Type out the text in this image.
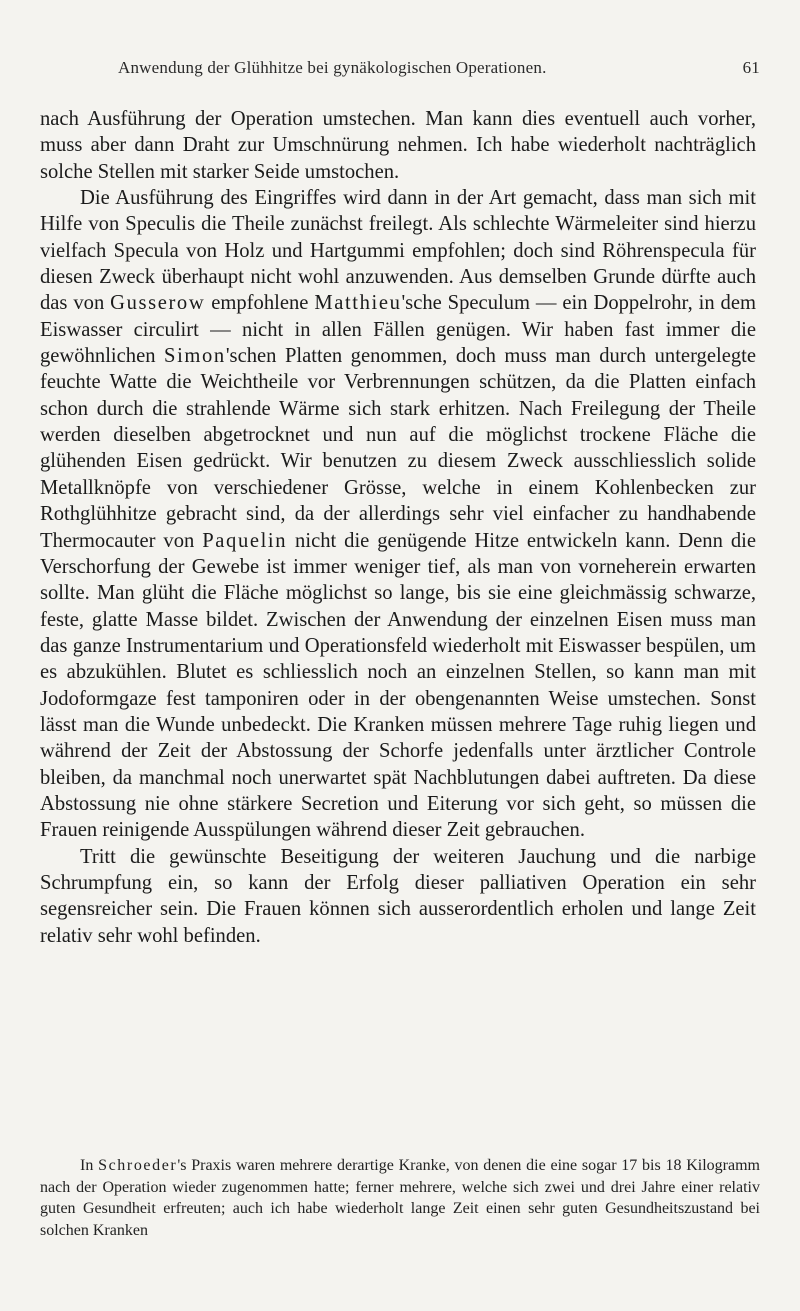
Anwendung der Glühhitze bei gynäkologischen Operationen.	61

nach Ausführung der Operation umstechen. Man kann dies eventuell auch vorher, muss aber dann Draht zur Umschnürung nehmen. Ich habe wiederholt nachträglich solche Stellen mit starker Seide umstochen.

Die Ausführung des Eingriffes wird dann in der Art gemacht, dass man sich mit Hilfe von Speculis die Theile zunächst freilegt. Als schlechte Wärmeleiter sind hierzu vielfach Specula von Holz und Hartgummi empfohlen; doch sind Röhrenspecula für diesen Zweck überhaupt nicht wohl anzuwenden. Aus demselben Grunde dürfte auch das von Gusserow empfohlene Matthieu'sche Speculum — ein Doppelrohr, in dem Eiswasser circulirt — nicht in allen Fällen genügen. Wir haben fast immer die gewöhnlichen Simon'schen Platten genommen, doch muss man durch untergelegte feuchte Watte die Weichtheile vor Verbrennungen schützen, da die Platten einfach schon durch die strahlende Wärme sich stark erhitzen. Nach Freilegung der Theile werden dieselben abgetrocknet und nun auf die möglichst trockene Fläche die glühenden Eisen gedrückt. Wir benutzen zu diesem Zweck ausschliesslich solide Metallknöpfe von verschiedener Grösse, welche in einem Kohlenbecken zur Rothglühhitze gebracht sind, da der allerdings sehr viel einfacher zu handhabende Thermocauter von Paquelin nicht die genügende Hitze entwickeln kann. Denn die Verschorfung der Gewebe ist immer weniger tief, als man von vorneherein erwarten sollte. Man glüht die Fläche möglichst so lange, bis sie eine gleichmässig schwarze, feste, glatte Masse bildet. Zwischen der Anwendung der einzelnen Eisen muss man das ganze Instrumentarium und Operationsfeld wiederholt mit Eiswasser bespülen, um es abzukühlen. Blutet es schliesslich noch an einzelnen Stellen, so kann man mit Jodoformgaze fest tamponiren oder in der obengenannten Weise umstechen. Sonst lässt man die Wunde unbedeckt. Die Kranken müssen mehrere Tage ruhig liegen und während der Zeit der Abstossung der Schorfe jedenfalls unter ärztlicher Controle bleiben, da manchmal noch unerwartet spät Nachblutungen dabei auftreten. Da diese Abstossung nie ohne stärkere Secretion und Eiterung vor sich geht, so müssen die Frauen reinigende Ausspülungen während dieser Zeit gebrauchen.

Tritt die gewünschte Beseitigung der weiteren Jauchung und die narbige Schrumpfung ein, so kann der Erfolg dieser palliativen Operation ein sehr segensreicher sein. Die Frauen können sich ausserordentlich erholen und lange Zeit relativ sehr wohl befinden.

In Schroeder's Praxis waren mehrere derartige Kranke, von denen die eine sogar 17 bis 18 Kilogramm nach der Operation wieder zugenommen hatte; ferner mehrere, welche sich zwei und drei Jahre einer relativ guten Gesundheit erfreuten; auch ich habe wiederholt lange Zeit einen sehr guten Gesundheitszustand bei solchen Kranken
